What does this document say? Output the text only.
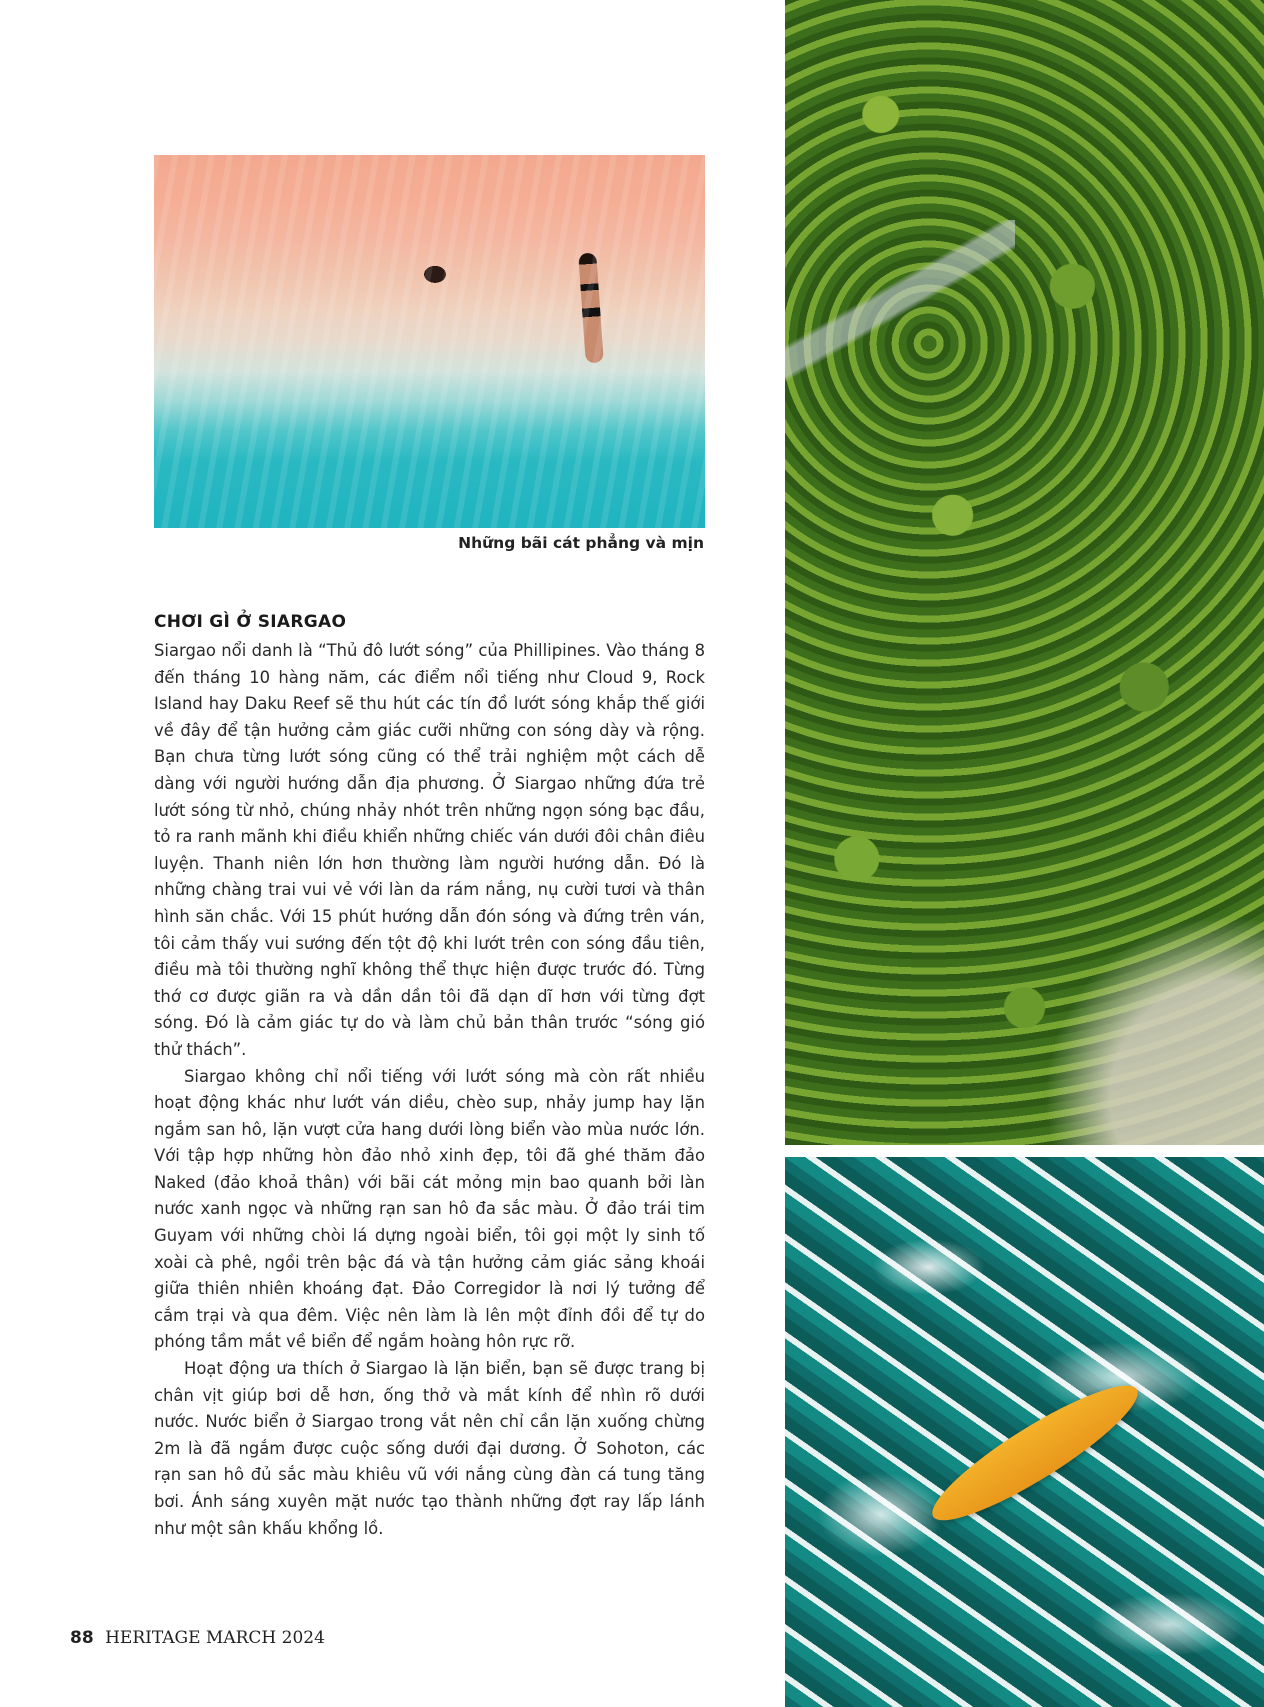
Những bãi cát phẳng và mịn
CHƠI GÌ Ở SIARGAO

Siargao nổi danh là “Thủ đô lướt sóng” của Phillipines. Vào tháng 8 đến tháng 10 hàng năm, các điểm nổi tiếng như Cloud 9, Rock Island hay Daku Reef sẽ thu hút các tín đồ lướt sóng khắp thế giới về đây để tận hưởng cảm giác cưỡi những con sóng dày và rộng. Bạn chưa từng lướt sóng cũng có thể trải nghiệm một cách dễ dàng với người hướng dẫn địa phương. Ở Siargao những đứa trẻ lướt sóng từ nhỏ, chúng nhảy nhót trên những ngọn sóng bạc đầu, tỏ ra ranh mãnh khi điều khiển những chiếc ván dưới đôi chân điêu luyện. Thanh niên lớn hơn thường làm người hướng dẫn. Đó là những chàng trai vui vẻ với làn da rám nắng, nụ cười tươi và thân hình săn chắc. Với 15 phút hướng dẫn đón sóng và đứng trên ván, tôi cảm thấy vui sướng đến tột độ khi lướt trên con sóng đầu tiên, điều mà tôi thường nghĩ không thể thực hiện được trước đó. Từng thớ cơ được giãn ra và dần dần tôi đã dạn dĩ hơn với từng đợt sóng. Đó là cảm giác tự do và làm chủ bản thân trước “sóng gió thử thách”.

Siargao không chỉ nổi tiếng với lướt sóng mà còn rất nhiều hoạt động khác như lướt ván diều, chèo sup, nhảy jump hay lặn ngắm san hô, lặn vượt cửa hang dưới lòng biển vào mùa nước lớn. Với tập hợp những hòn đảo nhỏ xinh đẹp, tôi đã ghé thăm đảo Naked (đảo khoả thân) với bãi cát mỏng mịn bao quanh bởi làn nước xanh ngọc và những rạn san hô đa sắc màu. Ở đảo trái tim Guyam với những chòi lá dựng ngoài biển, tôi gọi một ly sinh tố xoài cà phê, ngồi trên bậc đá và tận hưởng cảm giác sảng khoái giữa thiên nhiên khoáng đạt. Đảo Corregidor là nơi lý tưởng để cắm trại và qua đêm. Việc nên làm là lên một đỉnh đồi để tự do phóng tầm mắt về biển để ngắm hoàng hôn rực rỡ.

Hoạt động ưa thích ở Siargao là lặn biển, bạn sẽ được trang bị chân vịt giúp bơi dễ hơn, ống thở và mắt kính để nhìn rõ dưới nước. Nước biển ở Siargao trong vắt nên chỉ cần lặn xuống chừng 2m là đã ngắm được cuộc sống dưới đại dương. Ở Sohoton, các rạn san hô đủ sắc màu khiêu vũ với nắng cùng đàn cá tung tăng bơi. Ánh sáng xuyên mặt nước tạo thành những đợt ray lấp lánh như một sân khấu khổng lồ.

88 HERITAGE MARCH 2024
